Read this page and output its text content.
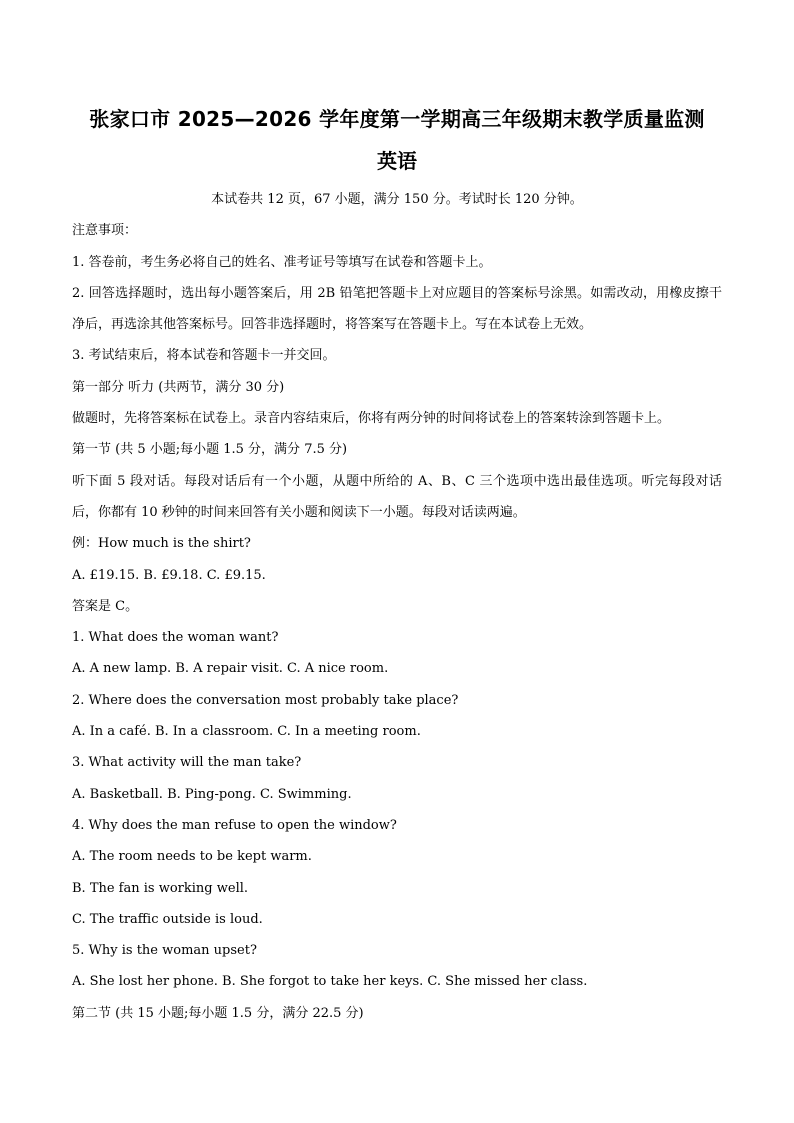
张家口市 2025—2026 学年度第一学期高三年级期末教学质量监测
英语

本试卷共 12 页，67 小题，满分 150 分。考试时长 120 分钟。

注意事项：

1. 答卷前，考生务必将自己的姓名、准考证号等填写在试卷和答题卡上。

2. 回答选择题时，选出每小题答案后，用 2B 铅笔把答题卡上对应题目的答案标号涂黑。如需改动，用橡皮擦干净后，再选涂其他答案标号。回答非选择题时，将答案写在答题卡上。写在本试卷上无效。

3. 考试结束后，将本试卷和答题卡一并交回。

第一部分 听力 (共两节，满分 30 分)

做题时，先将答案标在试卷上。录音内容结束后，你将有两分钟的时间将试卷上的答案转涂到答题卡上。

第一节 (共 5 小题;每小题 1.5 分，满分 7.5 分)

听下面 5 段对话。每段对话后有一个小题，从题中所给的 A、B、C 三个选项中选出最佳选项。听完每段对话后，你都有 10 秒钟的时间来回答有关小题和阅读下一小题。每段对话读两遍。

例：How much is the shirt?

A. £19.15. B. £9.18. C. £9.15.

答案是 C。

1. What does the woman want?

A. A new lamp. B. A repair visit. C. A nice room.

2. Where does the conversation most probably take place?

A. In a café. B. In a classroom. C. In a meeting room.

3. What activity will the man take?

A. Basketball. B. Ping-pong. C. Swimming.

4. Why does the man refuse to open the window?

A. The room needs to be kept warm.

B. The fan is working well.

C. The traffic outside is loud.

5. Why is the woman upset?

A. She lost her phone. B. She forgot to take her keys. C. She missed her class.

第二节 (共 15 小题;每小题 1.5 分，满分 22.5 分)
